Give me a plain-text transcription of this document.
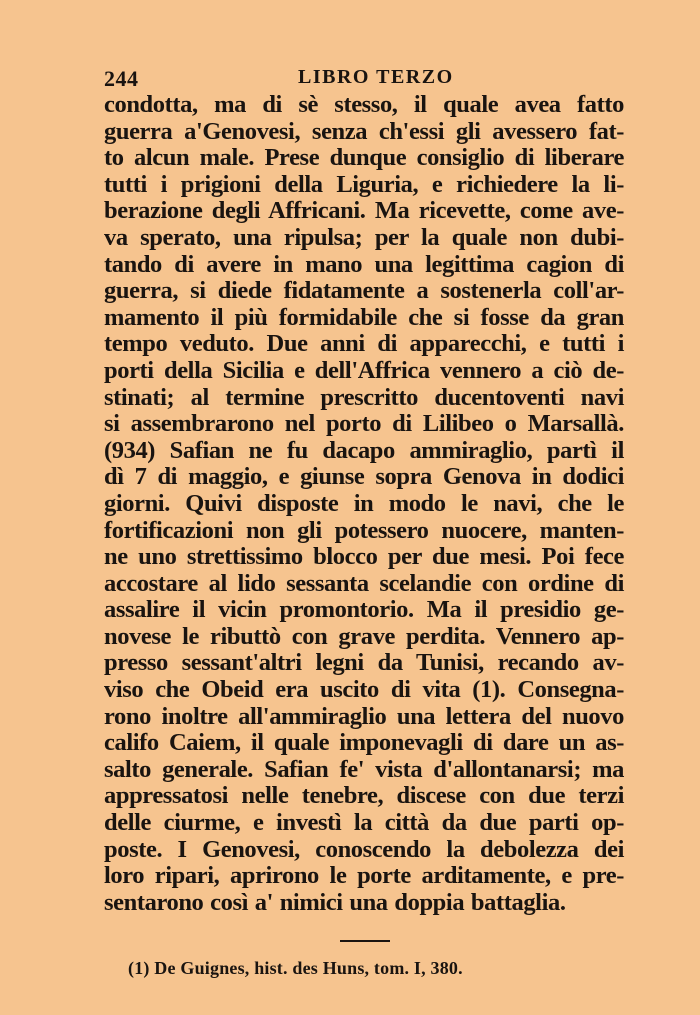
244	LIBRO TERZO
condotta, ma di sè stesso, il quale avea fatto
guerra a'Genovesi, senza ch'essi gli avessero fat-
to alcun male. Prese dunque consiglio di liberare
tutti i prigioni della Liguria, e richiedere la li-
berazione degli Affricani. Ma ricevette, come ave-
va sperato, una ripulsa; per la quale non dubi-
tando di avere in mano una legittima cagion di
guerra, si diede fidatamente a sostenerla coll'ar-
mamento il più formidabile che si fosse da gran
tempo veduto. Due anni di apparecchi, e tutti i
porti della Sicilia e dell'Affrica vennero a ciò de-
stinati; al termine prescritto ducentoventi navi
si assembrarono nel porto di Lilibeo o Marsallà.
(934) Safian ne fu dacapo ammiraglio, partì il
dì 7 di maggio, e giunse sopra Genova in dodici
giorni. Quivi disposte in modo le navi, che le
fortificazioni non gli potessero nuocere, manten-
ne uno strettissimo blocco per due mesi. Poi fece
accostare al lido sessanta scelandie con ordine di
assalire il vicin promontorio. Ma il presidio ge-
novese le ributtò con grave perdita. Vennero ap-
presso sessant'altri legni da Tunisi, recando av-
viso che Obeid era uscito di vita (1). Consegna-
rono inoltre all'ammiraglio una lettera del nuovo
califo Caiem, il quale imponevagli di dare un as-
salto generale. Safian fe' vista d'allontanarsi; ma
appressatosi nelle tenebre, discese con due terzi
delle ciurme, e investì la città da due parti op-
poste. I Genovesi, conoscendo la debolezza dei
loro ripari, aprirono le porte arditamente, e pre-
sentarono così a' nimici una doppia battaglia.
(1) De Guignes, hist. des Huns, tom. I, 380.
